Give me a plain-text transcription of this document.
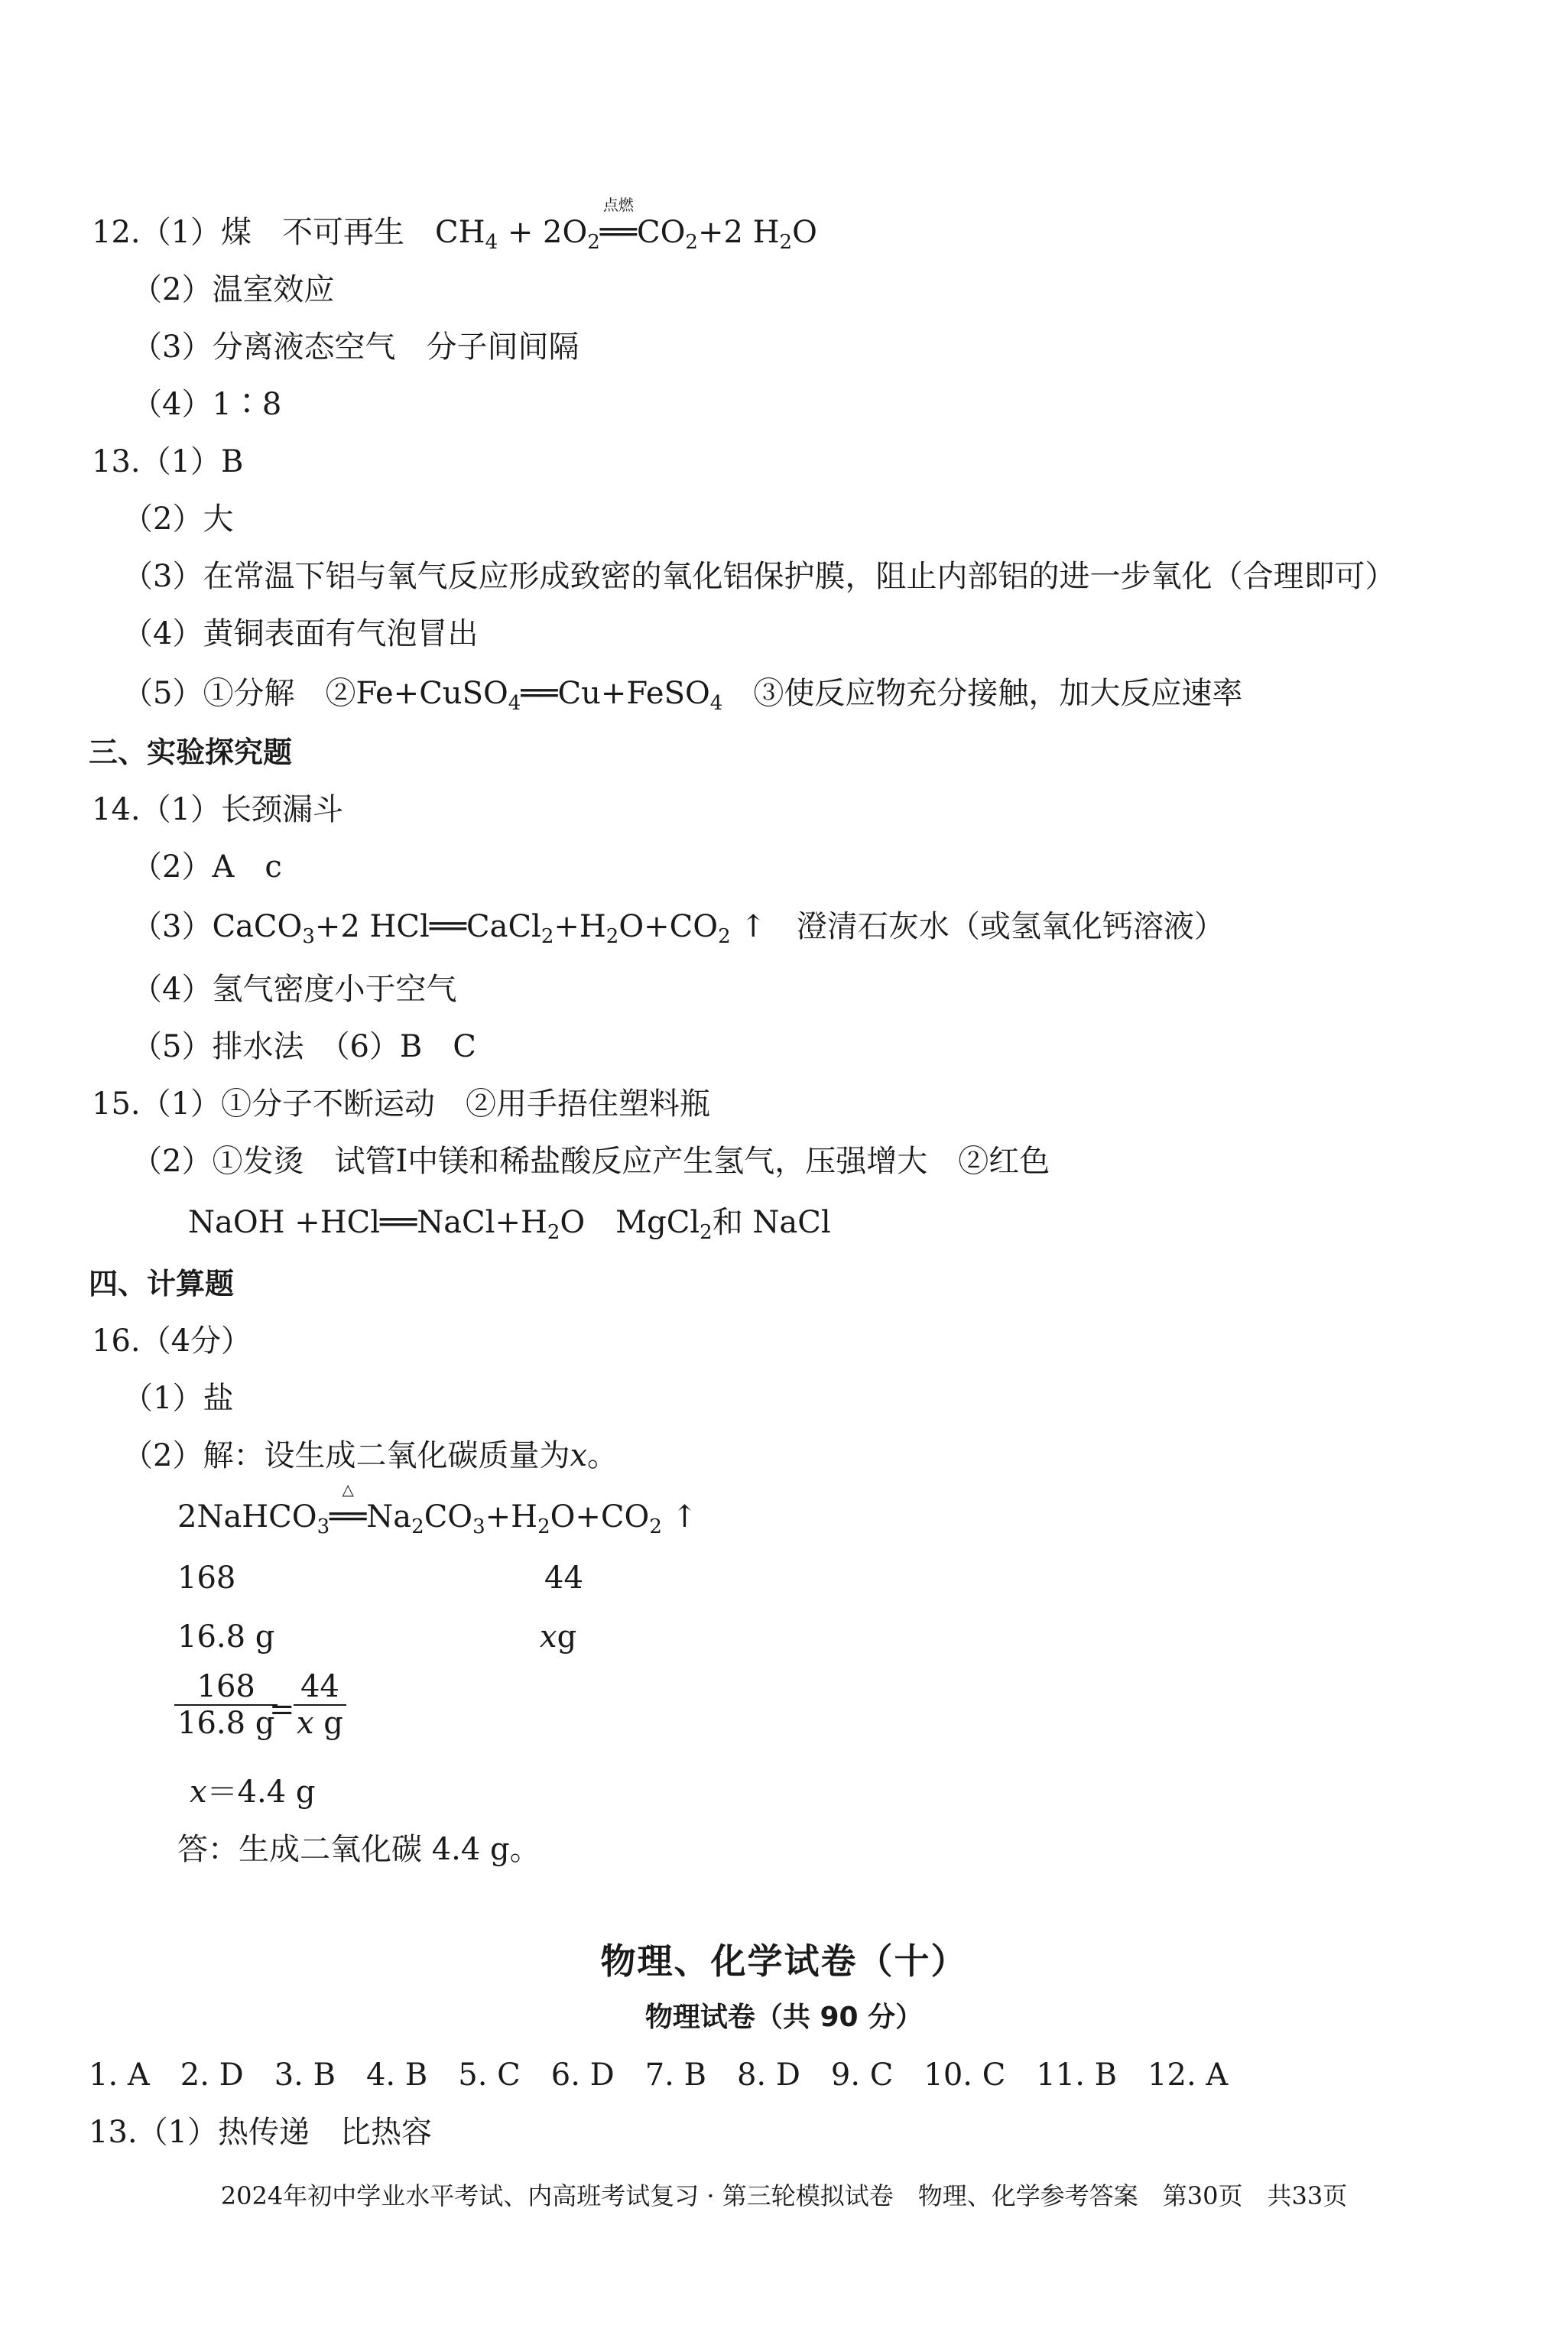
12.（1）煤　不可再生　$CH_4 + 2O_2$
点燃
$══CO_2+2$ $H_2O$
（2）温室效应
（3）分离液态空气　分子间间隔
（4）1∶8
13.（1）B
（2）大
（3）在常温下铝与氧气反应形成致密的氧化铝保护膜，阻止内部铝的进一步氧化（合理即可）
（4）黄铜表面有气泡冒出
（5）①分解　②Fe+CuSO$_4$══Cu+FeSO$_4$　③使反应物充分接触，加大反应速率
三、实验探究题
14.（1）长颈漏斗
（2）A　c
（3）CaCO$_3$+2 $HCl══CaCl_2+H_2O+CO_2$ ↑　澄清石灰水（或氢氧化钙溶液）
（4）氢气密度小于空气
（5）排水法　（6）B　C
15.（1）①分子不断运动　②用手捂住塑料瓶
（2）①发烫　试管Ⅰ中镁和稀盐酸反应产生氢气，压强增大　②红色
NaOH $+HCl══NaCl+H_2O$　MgCl$_2$和 NaCl
四、计算题
16.（4分）
（1）盐
（2）解：设生成二氧化碳质量为x。
2NaHCO$_3$
△
$══Na_2CO_3+H_2O+CO_2$ ↑
168	44
16.8 g	xg
168
16.8 g
=
44
x g
x＝4.4 g
答：生成二氧化碳 4.4 g。
物理、化学试卷（十）
物理试卷（共 90 分）
1. A　2. D　3. B　4. B　5. C　6. D　7. B　8. D　9. C　10. C　11. B　12. A
13.（1）热传递　比热容
2024年初中学业水平考试、内高班考试复习 · 第三轮模拟试卷　物理、化学参考答案　第30页　共33页
